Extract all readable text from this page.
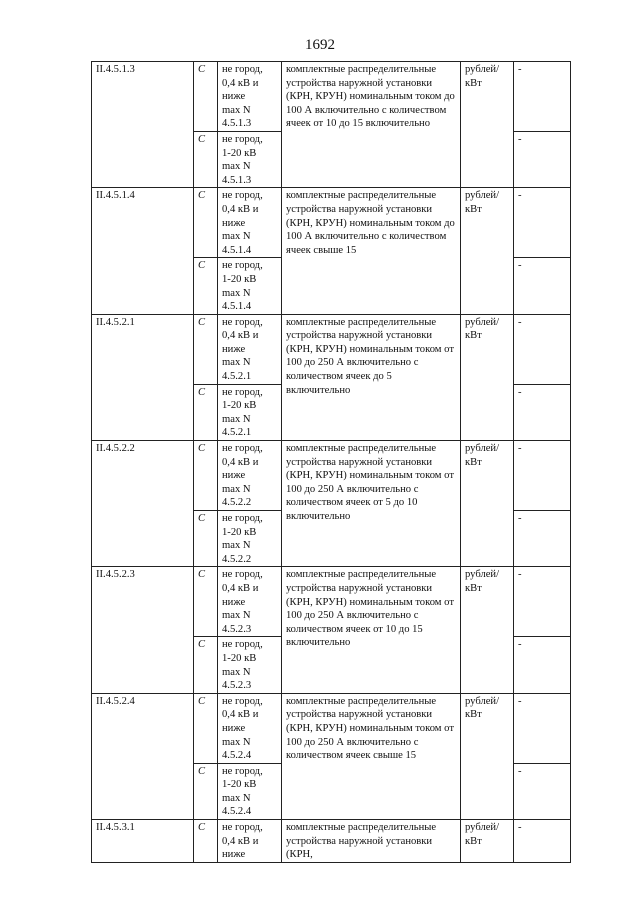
1692
II.4.5.1.3	С	не город,
0,4 кВ и
ниже
max N
4.5.1.3	комплектные распределительные устройства наружной установки (КРН, КРУН) номинальным током до 100 А включительно с количеством ячеек от 10 до 15 включительно	рублей/ кВт	-
	С	не город,
1-20 кВ
max N
4.5.1.3			-
II.4.5.1.4	С	не город,
0,4 кВ и
ниже
max N
4.5.1.4	комплектные распределительные устройства наружной установки (КРН, КРУН) номинальным током до 100 А включительно с количеством ячеек свыше 15	рублей/ кВт	-
	С	не город,
1-20 кВ
max N
4.5.1.4			-
II.4.5.2.1	С	не город,
0,4 кВ и
ниже
max N
4.5.2.1	комплектные распределительные устройства наружной установки (КРН, КРУН) номинальным током от 100 до 250 А включительно с количеством ячеек до 5 включительно	рублей/ кВт	-
	С	не город,
1-20 кВ
max N
4.5.2.1			-
II.4.5.2.2	С	не город,
0,4 кВ и
ниже
max N
4.5.2.2	комплектные распределительные устройства наружной установки (КРН, КРУН) номинальным током от 100 до 250 А включительно с количеством ячеек от 5 до 10 включительно	рублей/ кВт	-
	С	не город,
1-20 кВ
max N
4.5.2.2			-
II.4.5.2.3	С	не город,
0,4 кВ и
ниже
max N
4.5.2.3	комплектные распределительные устройства наружной установки (КРН, КРУН) номинальным током от 100 до 250 А включительно с количеством ячеек от 10 до 15 включительно	рублей/ кВт	-
	С	не город,
1-20 кВ
max N
4.5.2.3			-
II.4.5.2.4	С	не город,
0,4 кВ и
ниже
max N
4.5.2.4	комплектные распределительные устройства наружной установки (КРН, КРУН) номинальным током от 100 до 250 А включительно с количеством ячеек свыше 15	рублей/ кВт	-
	С	не город,
1-20 кВ
max N
4.5.2.4			-
II.4.5.3.1	С	не город,
0,4 кВ и
ниже	комплектные распределительные устройства наружной установки (КРН,	рублей/ кВт	-
